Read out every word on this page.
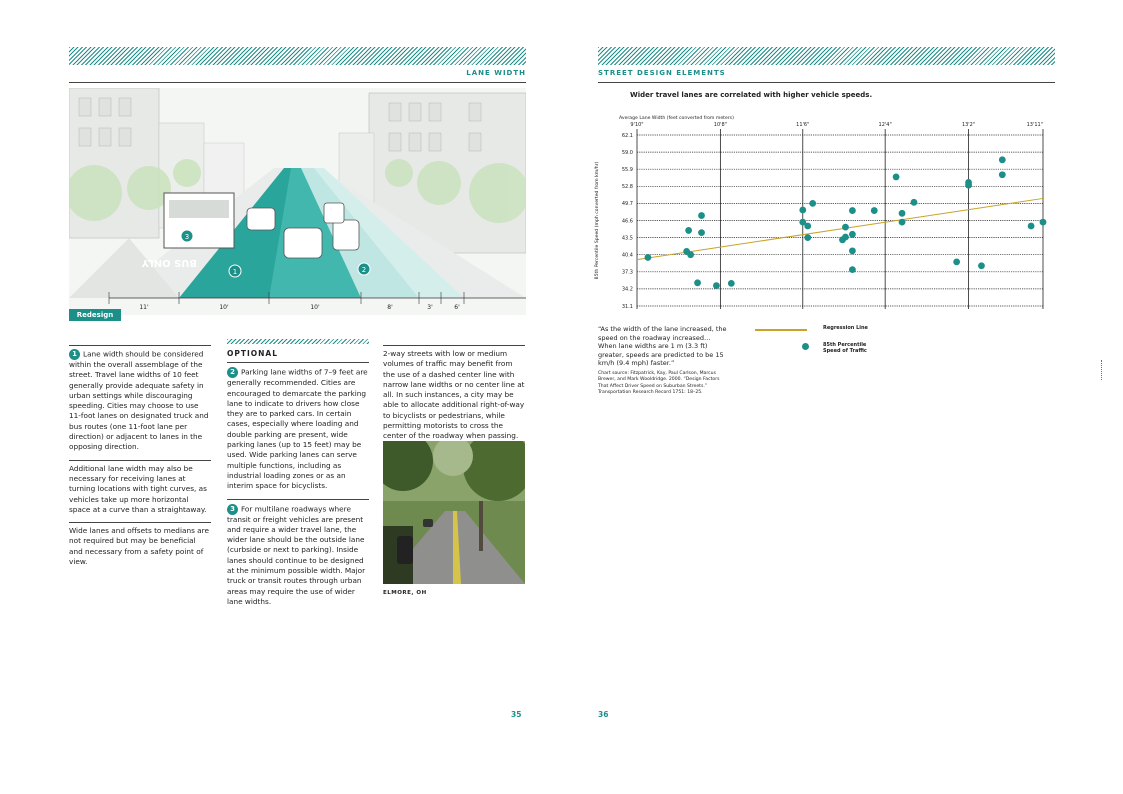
LANE WIDTH
BUS ONLY
1	2
3
11'	10'	10'	8'	3'	6'
Redesign

1 Lane width should be considered within the overall assemblage of the street. Travel lane widths of 10 feet generally provide adequate safety in urban settings while discouraging speeding. Cities may choose to use 11-foot lanes on designated truck and bus routes (one 11-foot lane per direction) or adjacent to lanes in the opposing direction.

Additional lane width may also be necessary for receiving lanes at turning locations with tight curves, as vehicles take up more horizontal space at a curve than a straightaway.

Wide lanes and offsets to medians are not required but may be beneficial and necessary from a safety point of view.

OPTIONAL

2 Parking lane widths of 7–9 feet are generally recommended. Cities are encouraged to demarcate the parking lane to indicate to drivers how close they are to parked cars. In certain cases, especially where loading and double parking are present, wide parking lanes (up to 15 feet) may be used. Wide parking lanes can serve multiple functions, including as industrial loading zones or as an interim space for bicyclists.

3 For multilane roadways where transit or freight vehicles are present and require a wider travel lane, the wider lane should be the outside lane (curbside or next to parking). Inside lanes should continue to be designed at the minimum possible width. Major truck or transit routes through urban areas may require the use of wider lane widths.

2-way streets with low or medium volumes of traffic may benefit from the use of a dashed center line with narrow lane widths or no center line at all. In such instances, a city may be able to allocate additional right-of-way to bicyclists or pedestrians, while permitting motorists to cross the center of the roadway when passing.

ELMORE, OH
35
STREET DESIGN ELEMENTS
Wider travel lanes are correlated with higher vehicle speeds.
62.1
59.0
55.9
52.8
49.7
46.6
43.5
40.4
37.3
34.2
31.1
9'10"	10'8"	11'6"	12'4"	13'2"	13'11"
Average Lane Width (feet converted from meters)
85th Percentile Speed (mph converted from km/hr)
“As the width of the lane increased, the speed on the roadway increased… When lane widths are 1 m (3.3 ft) greater, speeds are predicted to be 15 km/h (9.4 mph) faster.”
Chart source: Fitzpatrick, Kay, Paul Carlson, Marcus Brewer, and Mark Wooldridge. 2000. “Design Factors That Affect Driver Speed on Suburban Streets.” Transportation Research Record 1751: 18–25.
Regression Line
85th Percentile Speed of Traffic
36
